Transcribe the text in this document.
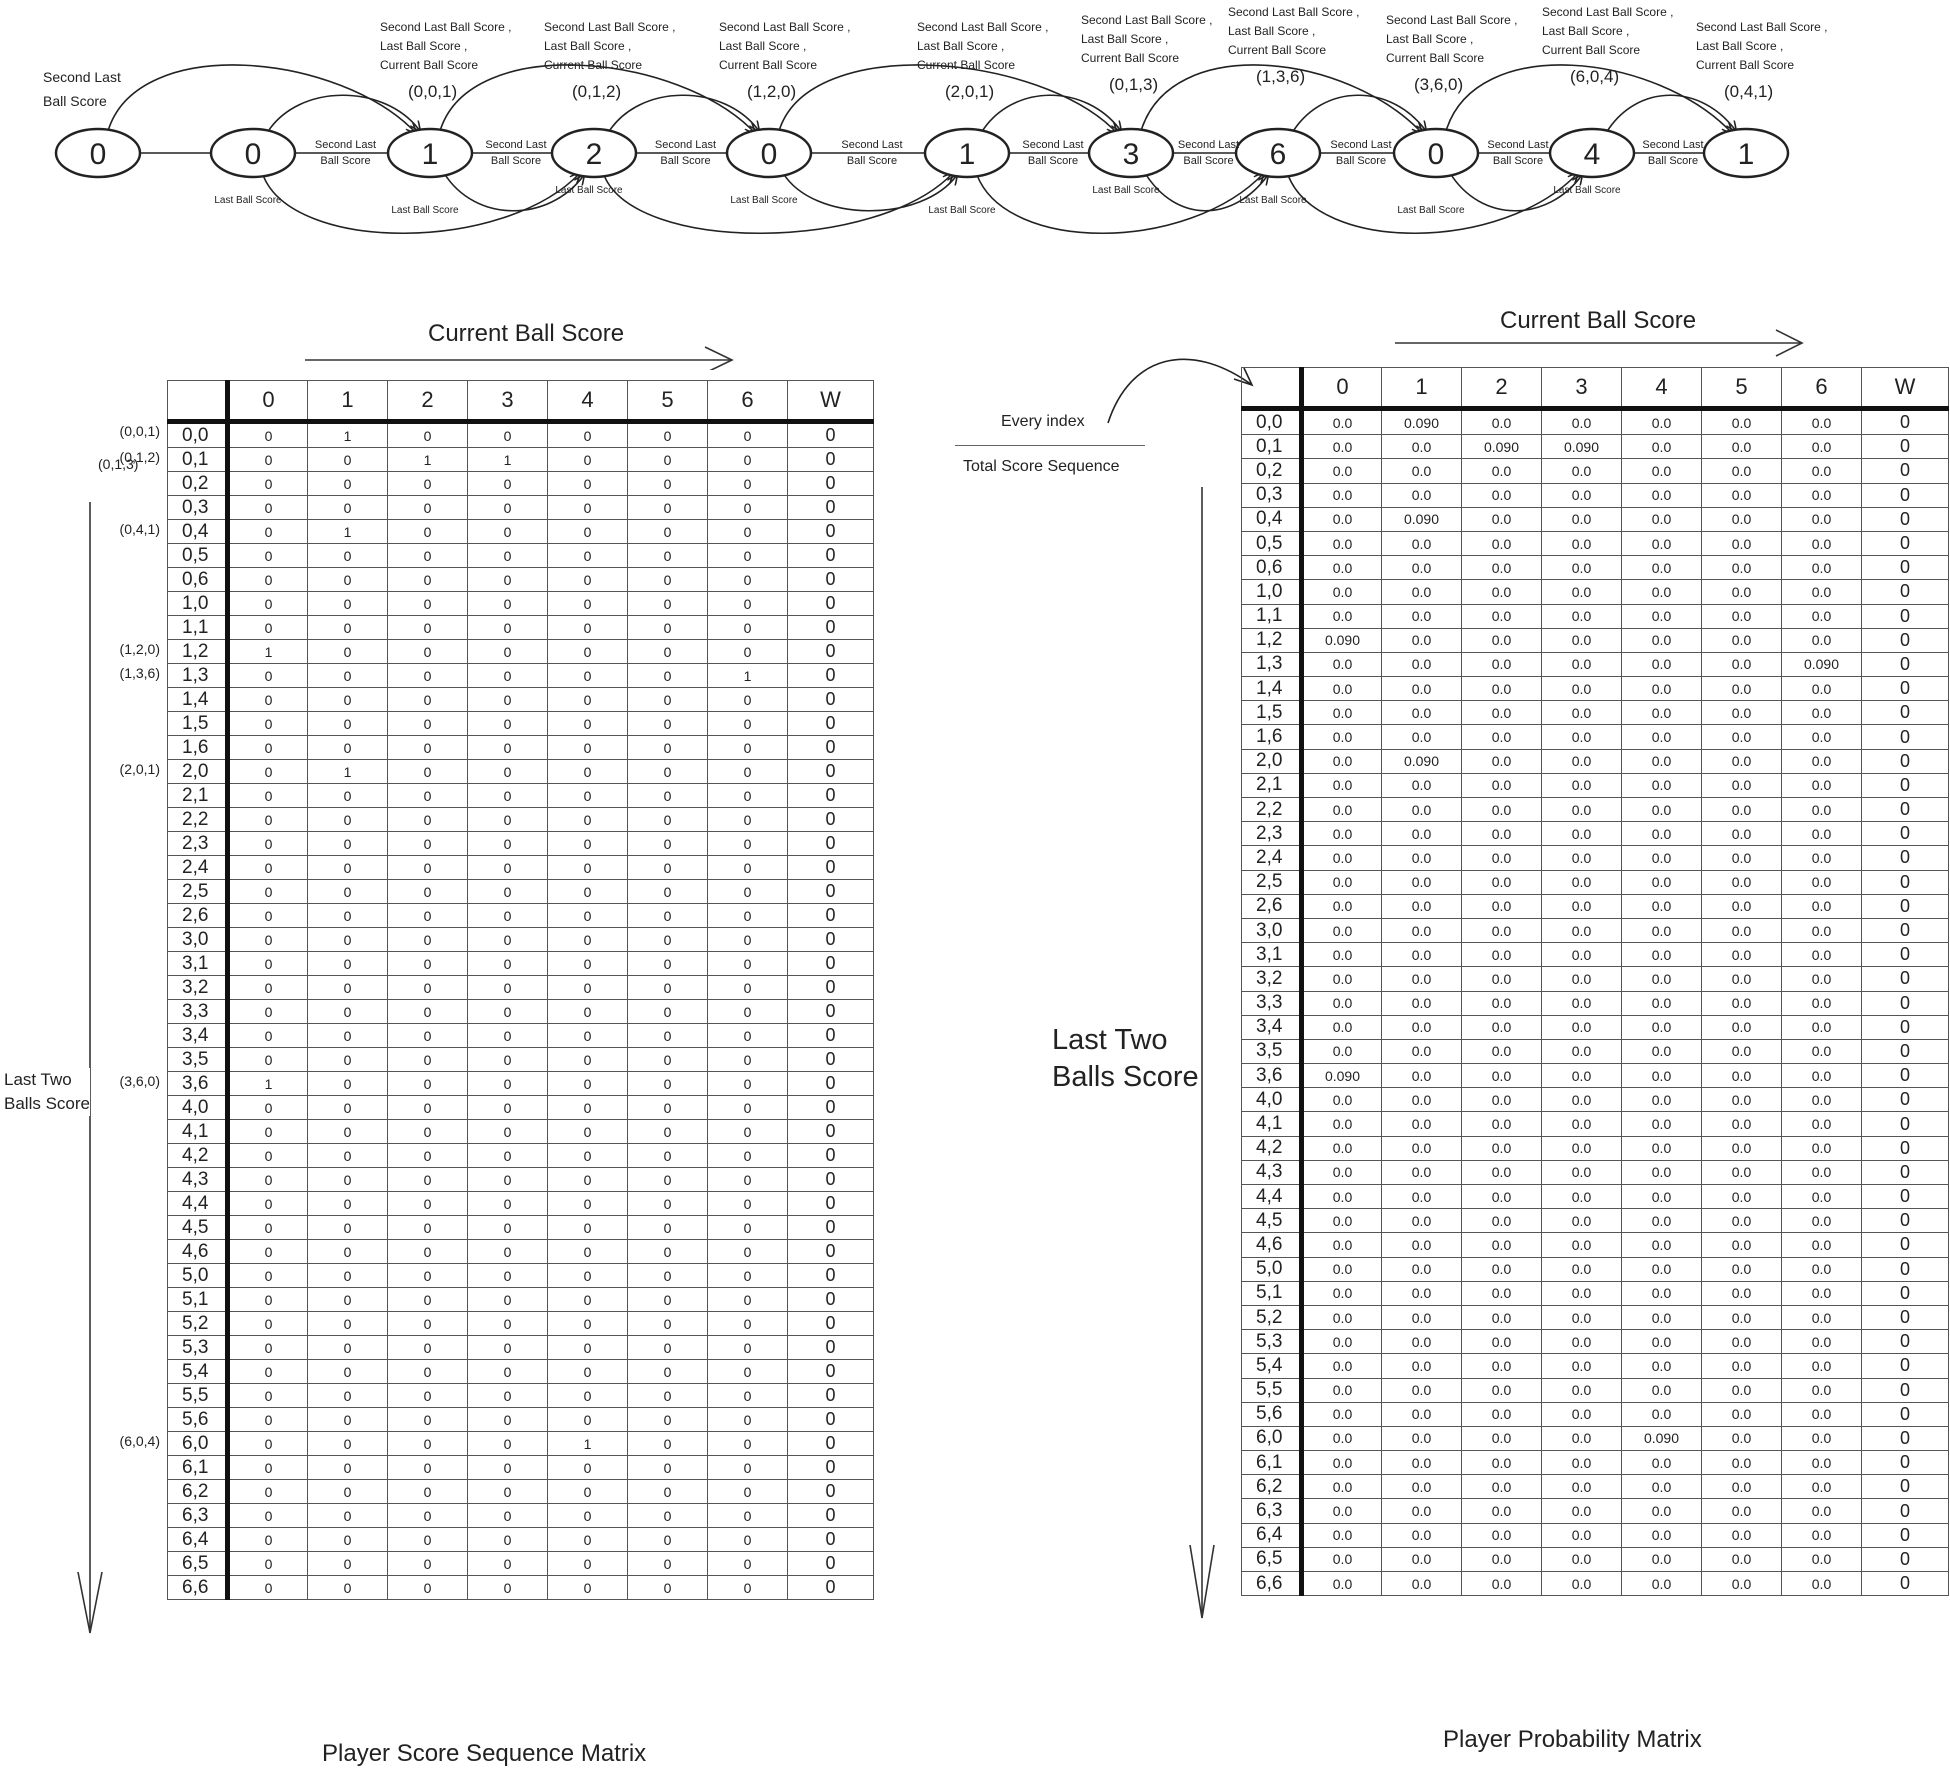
0	0	1	2	0	1	3	6	0	4	1
Second Last
Ball Score
Second Last Ball Score ,
Last Ball Score ,
Current Ball Score
(0,0,1)
Second Last Ball Score ,
Last Ball Score ,
Current Ball Score
(0,1,2)
Second Last Ball Score ,
Last Ball Score ,
Current Ball Score
(1,2,0)
Second Last Ball Score ,
Last Ball Score ,
Current Ball Score
(2,0,1)
Second Last Ball Score ,
Last Ball Score ,
Current Ball Score
(0,1,3)
Second Last Ball Score ,
Last Ball Score ,
Current Ball Score
(1,3,6)
Second Last Ball Score ,
Last Ball Score ,
Current Ball Score
(3,6,0)
Second Last Ball Score ,
Last Ball Score ,
Current Ball Score
(6,0,4)
Second Last Ball Score ,
Last Ball Score ,
Current Ball Score
(0,4,1)
Second Last
Ball Score
Last Ball Score
Second Last
Ball Score
Last Ball Score
Second Last
Ball Score
Last Ball Score
Second Last
Ball Score
Last Ball Score
Second Last
Ball Score
Last Ball Score
Second Last
Ball Score
Last Ball Score
Second Last
Ball Score
Last Ball Score
Second Last
Ball Score
Last Ball Score
Second Last
Ball Score
Last Ball Score
Current Ball Score
Last Two
Balls Score
	0	1	2	3	4	5	6	W
0,0	0	1	0	0	0	0	0	0
0,1	0	0	1	1	0	0	0	0
0,2	0	0	0	0	0	0	0	0
0,3	0	0	0	0	0	0	0	0
0,4	0	1	0	0	0	0	0	0
0,5	0	0	0	0	0	0	0	0
0,6	0	0	0	0	0	0	0	0
1,0	0	0	0	0	0	0	0	0
1,1	0	0	0	0	0	0	0	0
1,2	1	0	0	0	0	0	0	0
1,3	0	0	0	0	0	0	1	0
1,4	0	0	0	0	0	0	0	0
1,5	0	0	0	0	0	0	0	0
1,6	0	0	0	0	0	0	0	0
2,0	0	1	0	0	0	0	0	0
2,1	0	0	0	0	0	0	0	0
2,2	0	0	0	0	0	0	0	0
2,3	0	0	0	0	0	0	0	0
2,4	0	0	0	0	0	0	0	0
2,5	0	0	0	0	0	0	0	0
2,6	0	0	0	0	0	0	0	0
3,0	0	0	0	0	0	0	0	0
3,1	0	0	0	0	0	0	0	0
3,2	0	0	0	0	0	0	0	0
3,3	0	0	0	0	0	0	0	0
3,4	0	0	0	0	0	0	0	0
3,5	0	0	0	0	0	0	0	0
3,6	1	0	0	0	0	0	0	0
4,0	0	0	0	0	0	0	0	0
4,1	0	0	0	0	0	0	0	0
4,2	0	0	0	0	0	0	0	0
4,3	0	0	0	0	0	0	0	0
4,4	0	0	0	0	0	0	0	0
4,5	0	0	0	0	0	0	0	0
4,6	0	0	0	0	0	0	0	0
5,0	0	0	0	0	0	0	0	0
5,1	0	0	0	0	0	0	0	0
5,2	0	0	0	0	0	0	0	0
5,3	0	0	0	0	0	0	0	0
5,4	0	0	0	0	0	0	0	0
5,5	0	0	0	0	0	0	0	0
5,6	0	0	0	0	0	0	0	0
6,0	0	0	0	0	1	0	0	0
6,1	0	0	0	0	0	0	0	0
6,2	0	0	0	0	0	0	0	0
6,3	0	0	0	0	0	0	0	0
6,4	0	0	0	0	0	0	0	0
6,5	0	0	0	0	0	0	0	0
6,6	0	0	0	0	0	0	0	0
(0,0,1)
(0,1,2)
(0,4,1)
(1,2,0)
(1,3,6)
(2,0,1)
(3,6,0)
(6,0,4)
(0,1,3)
Player Score Sequence Matrix
Current Ball Score
Last Two
Balls Score
Every index
Total Score Sequence
	0	1	2	3	4	5	6	W
0,0	0.0	0.090	0.0	0.0	0.0	0.0	0.0	0
0,1	0.0	0.0	0.090	0.090	0.0	0.0	0.0	0
0,2	0.0	0.0	0.0	0.0	0.0	0.0	0.0	0
0,3	0.0	0.0	0.0	0.0	0.0	0.0	0.0	0
0,4	0.0	0.090	0.0	0.0	0.0	0.0	0.0	0
0,5	0.0	0.0	0.0	0.0	0.0	0.0	0.0	0
0,6	0.0	0.0	0.0	0.0	0.0	0.0	0.0	0
1,0	0.0	0.0	0.0	0.0	0.0	0.0	0.0	0
1,1	0.0	0.0	0.0	0.0	0.0	0.0	0.0	0
1,2	0.090	0.0	0.0	0.0	0.0	0.0	0.0	0
1,3	0.0	0.0	0.0	0.0	0.0	0.0	0.090	0
1,4	0.0	0.0	0.0	0.0	0.0	0.0	0.0	0
1,5	0.0	0.0	0.0	0.0	0.0	0.0	0.0	0
1,6	0.0	0.0	0.0	0.0	0.0	0.0	0.0	0
2,0	0.0	0.090	0.0	0.0	0.0	0.0	0.0	0
2,1	0.0	0.0	0.0	0.0	0.0	0.0	0.0	0
2,2	0.0	0.0	0.0	0.0	0.0	0.0	0.0	0
2,3	0.0	0.0	0.0	0.0	0.0	0.0	0.0	0
2,4	0.0	0.0	0.0	0.0	0.0	0.0	0.0	0
2,5	0.0	0.0	0.0	0.0	0.0	0.0	0.0	0
2,6	0.0	0.0	0.0	0.0	0.0	0.0	0.0	0
3,0	0.0	0.0	0.0	0.0	0.0	0.0	0.0	0
3,1	0.0	0.0	0.0	0.0	0.0	0.0	0.0	0
3,2	0.0	0.0	0.0	0.0	0.0	0.0	0.0	0
3,3	0.0	0.0	0.0	0.0	0.0	0.0	0.0	0
3,4	0.0	0.0	0.0	0.0	0.0	0.0	0.0	0
3,5	0.0	0.0	0.0	0.0	0.0	0.0	0.0	0
3,6	0.090	0.0	0.0	0.0	0.0	0.0	0.0	0
4,0	0.0	0.0	0.0	0.0	0.0	0.0	0.0	0
4,1	0.0	0.0	0.0	0.0	0.0	0.0	0.0	0
4,2	0.0	0.0	0.0	0.0	0.0	0.0	0.0	0
4,3	0.0	0.0	0.0	0.0	0.0	0.0	0.0	0
4,4	0.0	0.0	0.0	0.0	0.0	0.0	0.0	0
4,5	0.0	0.0	0.0	0.0	0.0	0.0	0.0	0
4,6	0.0	0.0	0.0	0.0	0.0	0.0	0.0	0
5,0	0.0	0.0	0.0	0.0	0.0	0.0	0.0	0
5,1	0.0	0.0	0.0	0.0	0.0	0.0	0.0	0
5,2	0.0	0.0	0.0	0.0	0.0	0.0	0.0	0
5,3	0.0	0.0	0.0	0.0	0.0	0.0	0.0	0
5,4	0.0	0.0	0.0	0.0	0.0	0.0	0.0	0
5,5	0.0	0.0	0.0	0.0	0.0	0.0	0.0	0
5,6	0.0	0.0	0.0	0.0	0.0	0.0	0.0	0
6,0	0.0	0.0	0.0	0.0	0.090	0.0	0.0	0
6,1	0.0	0.0	0.0	0.0	0.0	0.0	0.0	0
6,2	0.0	0.0	0.0	0.0	0.0	0.0	0.0	0
6,3	0.0	0.0	0.0	0.0	0.0	0.0	0.0	0
6,4	0.0	0.0	0.0	0.0	0.0	0.0	0.0	0
6,5	0.0	0.0	0.0	0.0	0.0	0.0	0.0	0
6,6	0.0	0.0	0.0	0.0	0.0	0.0	0.0	0
Player Probability Matrix
